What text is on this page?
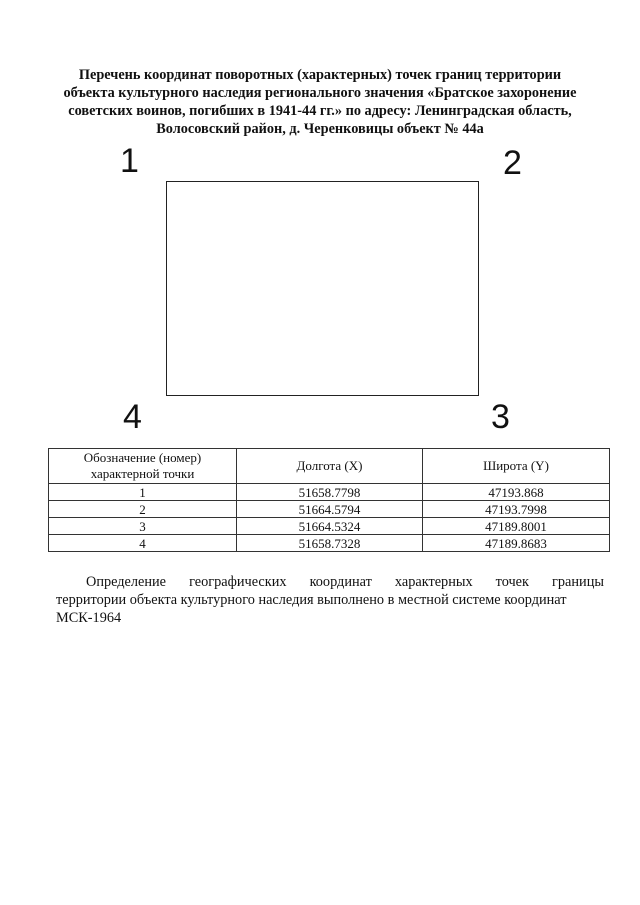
Перечень координат поворотных (характерных) точек границ территории
объекта культурного наследия регионального значения «Братское захоронение
советских воинов, погибших в 1941-44 гг.» по адресу: Ленинградская область,
Волосовский район, д. Черенковицы объект № 44а
1	2
3
4
Обозначение (номер) характерной точки	Долгота (X)	Широта (Y)
1	51658.7798	47193.868
2	51664.5794	47193.7998
3	51664.5324	47189.8001
4	51658.7328	47189.8683
Определение географических координат характерных точек границы
территории объекта культурного наследия выполнено в местной системе координат
МСК-1964
